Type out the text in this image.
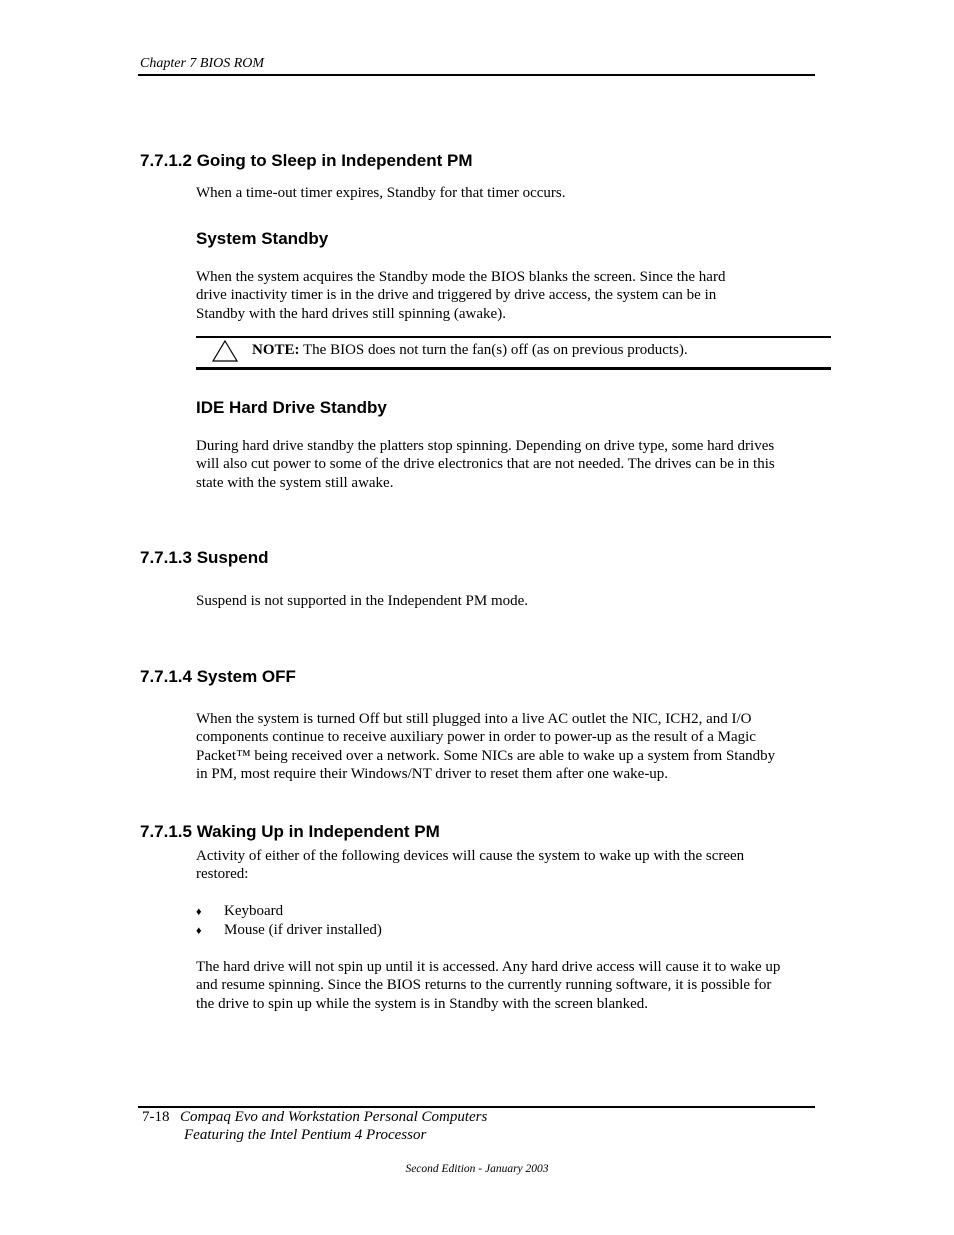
Chapter 7 BIOS ROM
7.7.1.2 Going to Sleep in Independent PM
When a time-out timer expires, Standby for that timer occurs.
System Standby
When the system acquires the Standby mode the BIOS blanks the screen. Since the hard
drive inactivity timer is in the drive and triggered by drive access, the system can be in
Standby with the hard drives still spinning (awake).
NOTE: The BIOS does not turn the fan(s) off (as on previous products).
IDE Hard Drive Standby
During hard drive standby the platters stop spinning. Depending on drive type, some hard drives
will also cut power to some of the drive electronics that are not needed. The drives can be in this
state with the system still awake.
7.7.1.3 Suspend
Suspend is not supported in the Independent PM mode.
7.7.1.4 System OFF
When the system is turned Off but still plugged into a live AC outlet the NIC, ICH2, and I/O
components continue to receive auxiliary power in order to power-up as the result of a Magic
Packet™ being received over a network. Some NICs are able to wake up a system from Standby
in PM, most require their Windows/NT driver to reset them after one wake-up.
7.7.1.5 Waking Up in Independent PM
Activity of either of the following devices will cause the system to wake up with the screen
restored:
♦ Keyboard
♦ Mouse (if driver installed)
The hard drive will not spin up until it is accessed. Any hard drive access will cause it to wake up
and resume spinning. Since the BIOS returns to the currently running software, it is possible for
the drive to spin up while the system is in Standby with the screen blanked.
7-18 Compaq Evo and Workstation Personal Computers
Featuring the Intel Pentium 4 Processor
Second Edition - January 2003
